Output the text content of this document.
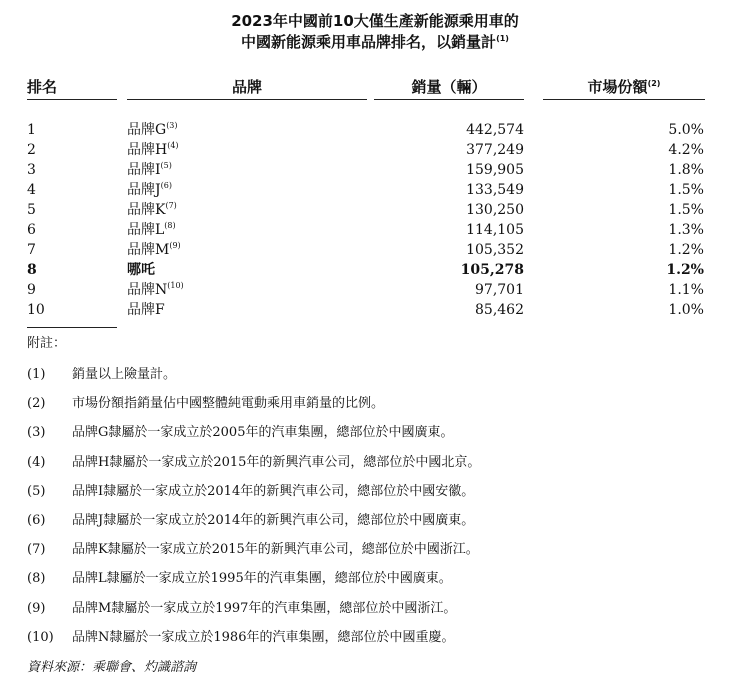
2023年中國前10大僅生產新能源乘用車的
中國新能源乘用車品牌排名，以銷量計$^{(1)}$
排名	品牌	銷量（輛）	市場份額$^{(2)}$
1	品牌$G^{(3)}$	442,574	5.0%
2	品牌$H^{(4)}$	377,249	4.2%
3	品牌$I^{(5)}$	159,905	1.8%
4	品牌$J^{(6)}$	133,549	1.5%
5	品牌$K^{(7)}$	130,250	1.5%
6	品牌$L^{(8)}$	114,105	1.3%
7	品牌$M^{(9)}$	105,352	1.2%
8	哪吒	105,278	1.2%
9	品牌$N^{(10)}$	97,701	1.1%
10	品牌F	85,462	1.0%
附註：
(1) 銷量以上險量計。
(2) 市場份額指銷量佔中國整體純電動乘用車銷量的比例。
(3) 品牌G隸屬於一家成立於2005年的汽車集團，總部位於中國廣東。
(4) 品牌H隸屬於一家成立於2015年的新興汽車公司，總部位於中國北京。
(5) 品牌I隸屬於一家成立於2014年的新興汽車公司，總部位於中國安徽。
(6) 品牌J隸屬於一家成立於2014年的新興汽車公司，總部位於中國廣東。
(7) 品牌K隸屬於一家成立於2015年的新興汽車公司，總部位於中國浙江。
(8) 品牌L隸屬於一家成立於1995年的汽車集團，總部位於中國廣東。
(9) 品牌M隸屬於一家成立於1997年的汽車集團，總部位於中國浙江。
(10) 品牌N隸屬於一家成立於1986年的汽車集團，總部位於中國重慶。
資料來源：乘聯會、灼識諮詢
